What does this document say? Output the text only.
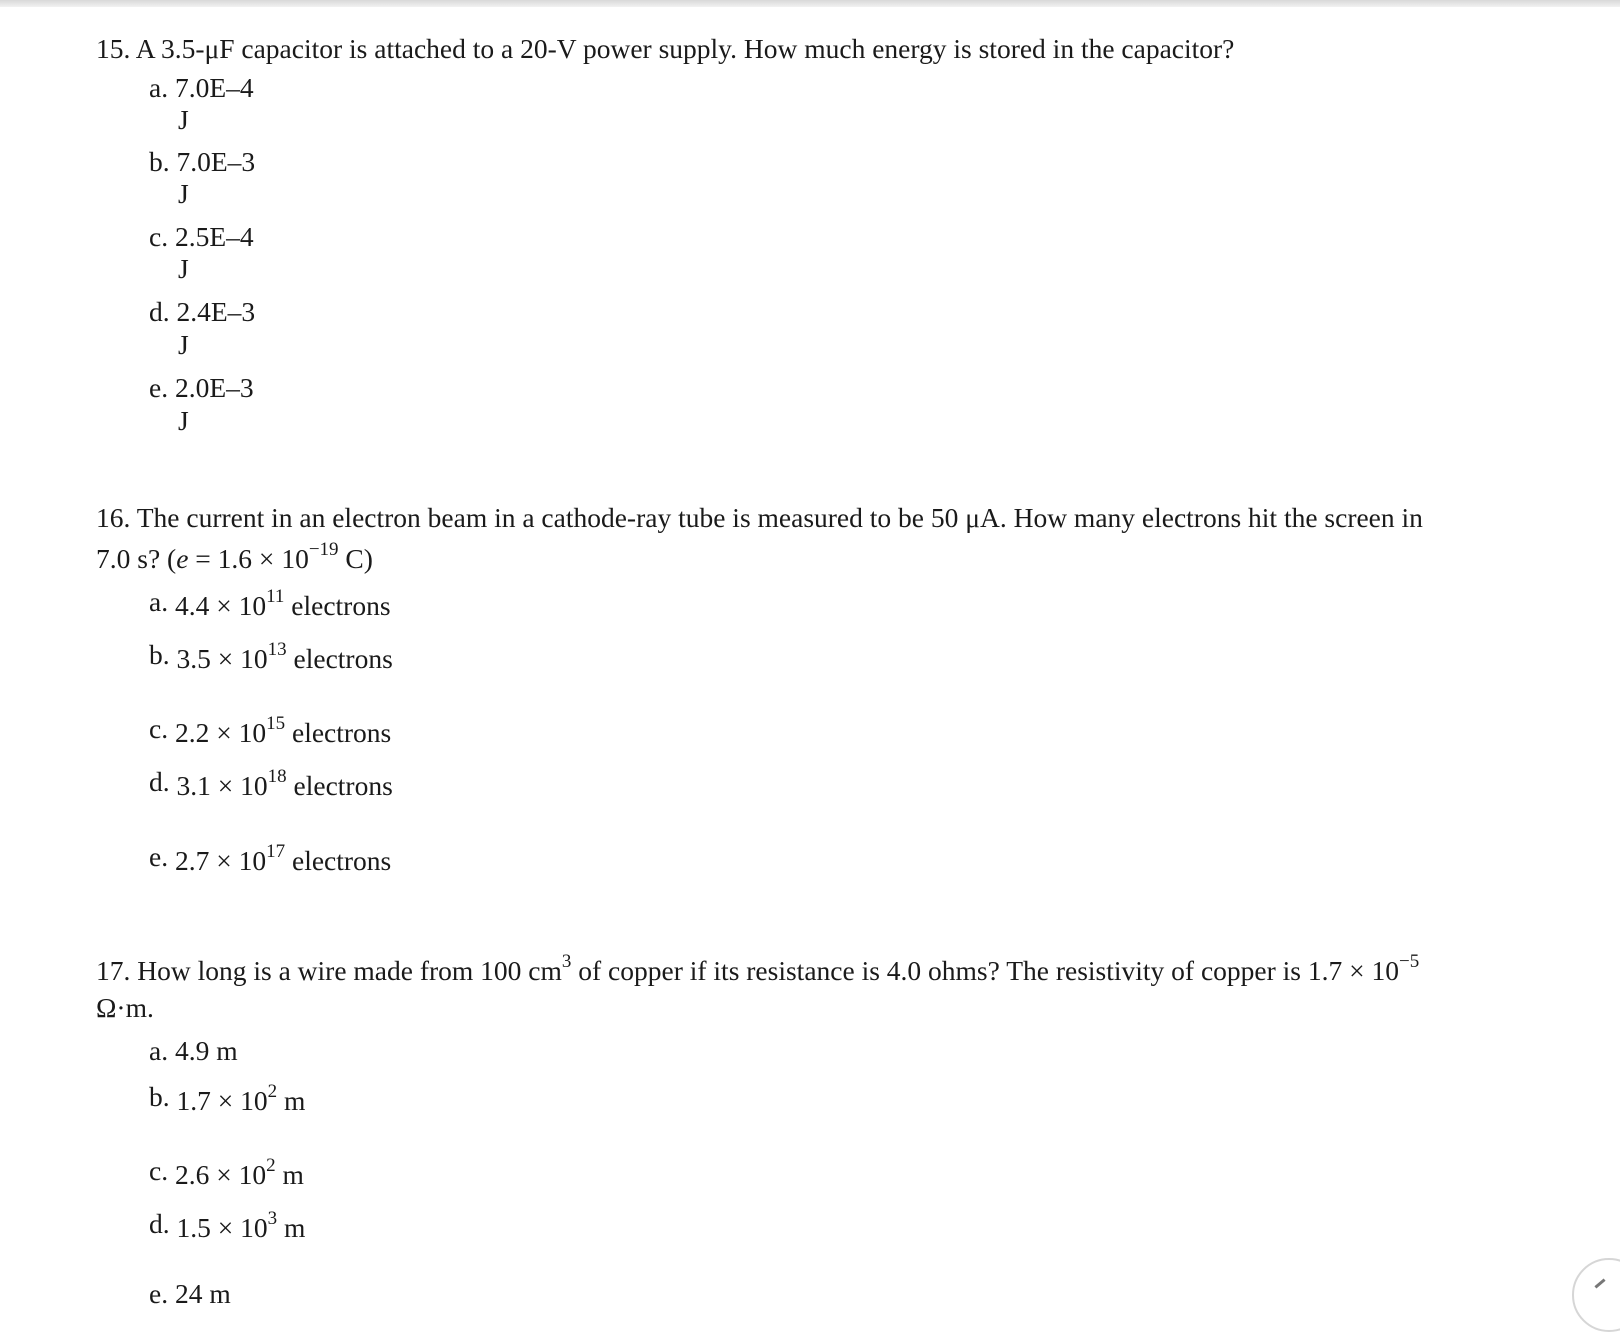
15. A 3.5-μF capacitor is attached to a 20-V power supply. How much energy is stored in the capacitor?
a. 7.0E–4
J
b. 7.0E–3
J
c. 2.5E–4
J
d. 2.4E–3
J
e. 2.0E–3
J
16. The current in an electron beam in a cathode-ray tube is measured to be 50 μA. How many electrons hit the screen in
7.0 s? ($e = 1.6 \times 10^{-19}$ C)
a. $4.4 \times 10^{11}$ electrons
b. $3.5 \times 10^{13}$ electrons
c. $2.2 \times 10^{15}$ electrons
d. $3.1 \times 10^{18}$ electrons
e. $2.7 \times 10^{17}$ electrons
17. How long is a wire made from 100 $cm^3$ of copper if its resistance is 4.0 ohms? The resistivity of copper is $1.7 \times 10^{-5}$
Ω·m.
a. 4.9 m
b. $1.7 \times 10^2$ m
c. $2.6 \times 10^2$ m
d. $1.5 \times 10^3$ m
e. 24 m
